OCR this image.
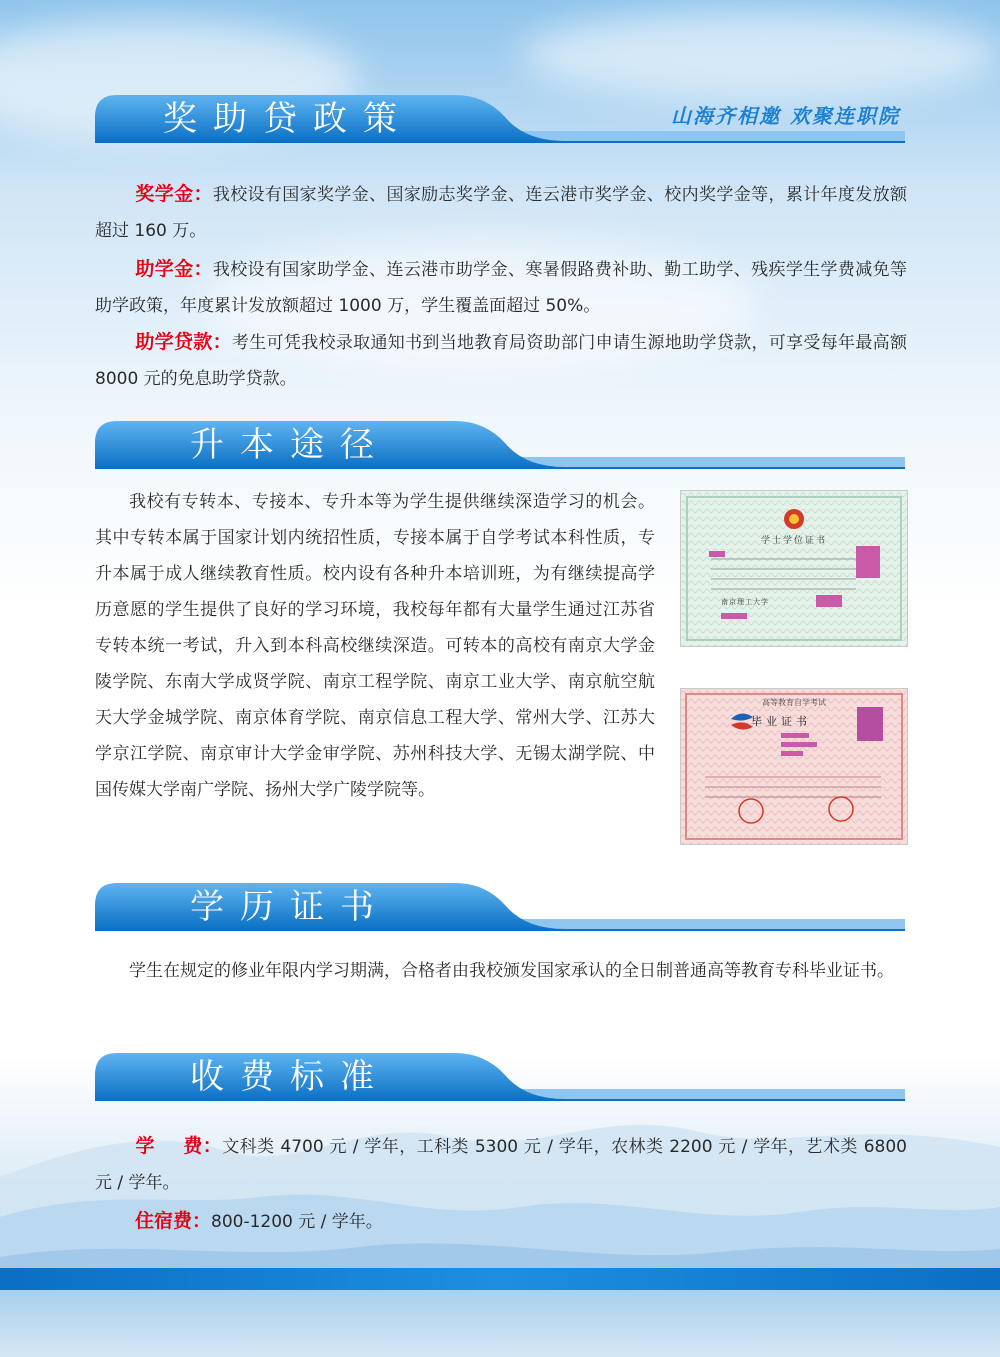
山海齐相邀 欢聚连职院
奖助贷政策

奖学金：我校设有国家奖学金、国家励志奖学金、连云港市奖学金、校内奖学金等，累计年度发放额超过 160 万。

助学金：我校设有国家助学金、连云港市助学金、寒暑假路费补助、勤工助学、残疾学生学费减免等助学政策，年度累计发放额超过 1000 万，学生覆盖面超过 50%。

助学贷款：考生可凭我校录取通知书到当地教育局资助部门申请生源地助学贷款，可享受每年最高额 8000 元的免息助学贷款。

升本途径

我校有专转本、专接本、专升本等为学生提供继续深造学习的机会。其中专转本属于国家计划内统招性质，专接本属于自学考试本科性质，专升本属于成人继续教育性质。校内设有各种升本培训班，为有继续提高学历意愿的学生提供了良好的学习环境，我校每年都有大量学生通过江苏省专转本统一考试，升入到本科高校继续深造。可转本的高校有南京大学金陵学院、东南大学成贤学院、南京工程学院、南京工业大学、南京航空航天大学金城学院、南京体育学院、南京信息工程大学、常州大学、江苏大学京江学院、南京审计大学金审学院、苏州科技大学、无锡太湖学院、中国传媒大学南广学院、扬州大学广陵学院等。

学士学位证书
南京理工大学
高等教育自学考试
毕业证书
学历证书

学生在规定的修业年限内学习期满，合格者由我校颁发国家承认的全日制普通高等教育专科毕业证书。

收费标准

学 费：文科类 4700 元 / 学年，工科类 5300 元 / 学年，农林类 2200 元 / 学年，艺术类 6800 元 / 学年。

住宿费：800-1200 元 / 学年。
